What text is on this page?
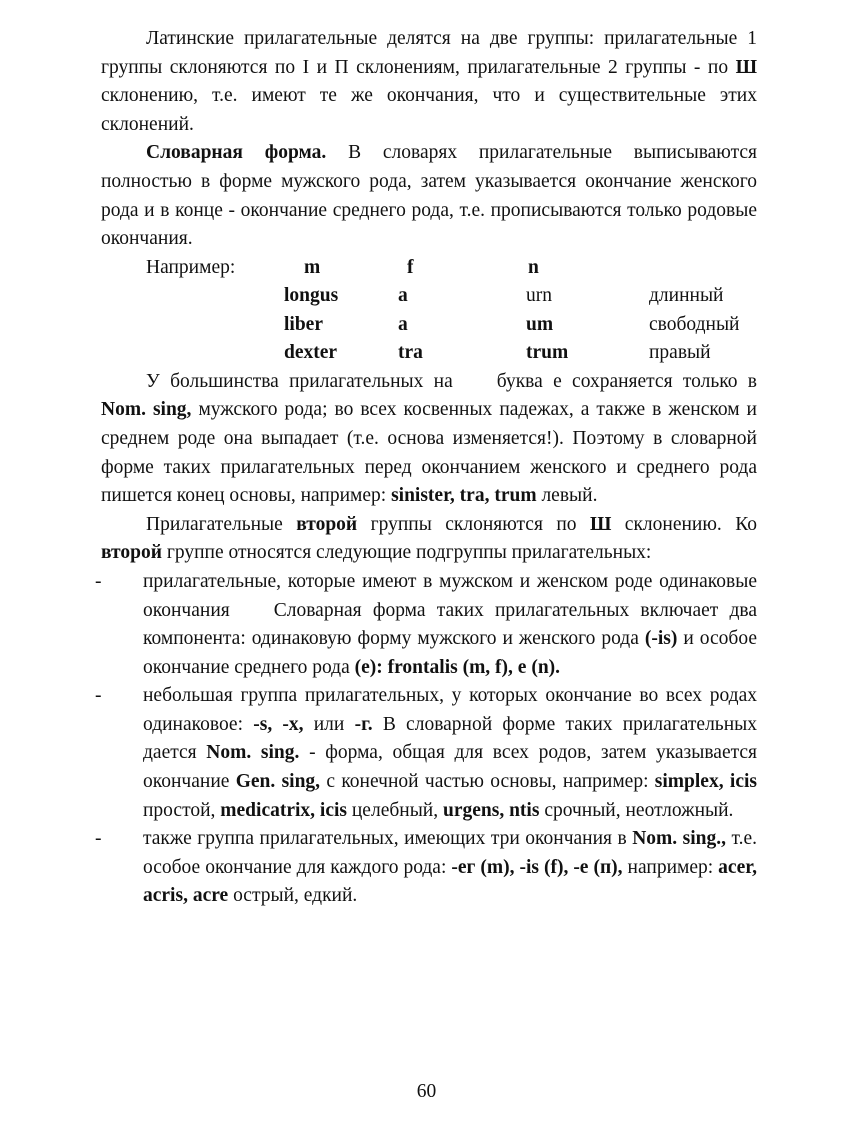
Латинские прилагательные делятся на две группы: прилагательные 1 группы склоняются по I и П склонениям, прилагательные 2 группы - по Ш склонению, т.е. имеют те же окончания, что и существительные этих склонений.

Словарная форма. В словарях прилагательные выписываются полностью в форме мужского рода, затем указывается окончание женского рода и в конце - окончание среднего рода, т.е. прописываются только родовые окончания.

Например:	m	f	n
longus	a	urn	длинный
liber	a	um	свободный
dexter	tra	trum	правый

У большинства прилагательных на буква е сохраняется только в Nom. sing, мужского рода; во всех косвенных падежах, а также в женском и среднем роде она выпадает (т.е. основа изменяется!). Поэтому в словарной форме таких прилагательных перед окончанием женского и среднего рода пишется конец основы, например: sinister, tra, trum левый.

Прилагательные второй группы склоняются по Ш склонению. Ко второй группе относятся следующие подгруппы прилагательных:

- прилагательные, которые имеют в мужском и женском роде одинаковые окончания Словарная форма таких прилагательных включает два компонента: одинаковую форму мужского и женского рода (-is) и особое окончание среднего рода (e): frontalis (m, f), e (n).

- небольшая группа прилагательных, у которых окончание во всех родах одинаковое: -s, -x, или -г. В словарной форме таких прилагательных дается Nom. sing. - форма, общая для всех родов, затем указывается окончание Gen. sing, с конечной частью основы, например: simplex, icis простой, medicatrix, icis целебный, urgens, ntis срочный, неотложный.

- также группа прилагательных, имеющих три окончания в Nom. sing., т.е. особое окончание для каждого рода: -ег (m), -is (f), -е (п), например: acer, acris, acre острый, едкий.

60
